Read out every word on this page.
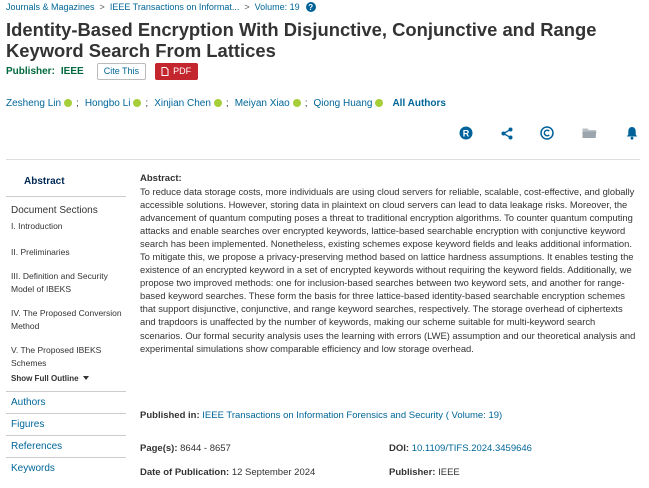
Journals & Magazines > IEEE Transactions on Informat... > Volume: 19	?
Identity-Based Encryption With Disjunctive, Conjunctive and Range Keyword Search From Lattices
Publisher: IEEE	Cite This	PDF
Zesheng Lin ; Hongbo Li ; Xinjian Chen ; Meiyan Xiao ; Qiong Huang All Authors
R
Abstract
Document Sections
I. Introduction
II. Preliminaries
III. Definition and Security Model of IBEKS
IV. The Proposed Conversion Method
V. The Proposed IBEKS Schemes
Show Full Outline
Authors
Figures
References
Keywords
Abstract:
To reduce data storage costs, more individuals are using cloud servers for reliable, scalable, cost-effective, and globally accessible solutions. However, storing data in plaintext on cloud servers can lead to data leakage risks. Moreover, the advancement of quantum computing poses a threat to traditional encryption algorithms. To counter quantum computing attacks and enable searches over encrypted keywords, lattice-based searchable encryption with conjunctive keyword search has been implemented. Nonetheless, existing schemes expose keyword fields and leaks additional information. To mitigate this, we propose a privacy-preserving method based on lattice hardness assumptions. It enables testing the existence of an encrypted keyword in a set of encrypted keywords without requiring the keyword fields. Additionally, we propose two improved methods: one for inclusion-based searches between two keyword sets, and another for range-based keyword searches. These form the basis for three lattice-based identity-based searchable encryption schemes that support disjunctive, conjunctive, and range keyword searches, respectively. The storage overhead of ciphertexts and trapdoors is unaffected by the number of keywords, making our scheme suitable for multi-keyword search scenarios. Our formal security analysis uses the learning with errors (LWE) assumption and our theoretical analysis and experimental simulations show comparable efficiency and low storage overhead.
Published in: IEEE Transactions on Information Forensics and Security ( Volume: 19)
Page(s): 8644 - 8657	DOI: 10.1109/TIFS.2024.3459646
Date of Publication: 12 September 2024	Publisher: IEEE
